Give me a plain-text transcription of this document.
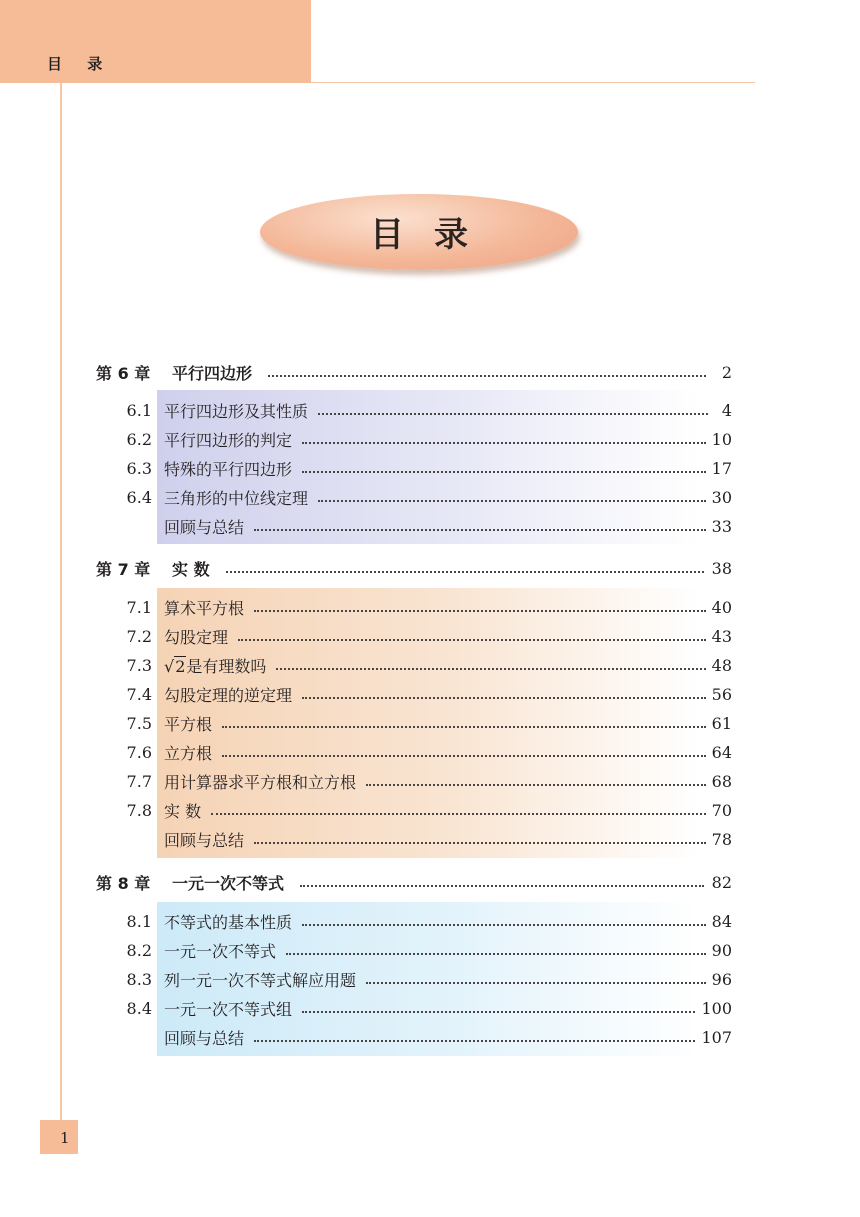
目 录
目录
第 6 章	平行四边形	2
6.1 平行四边形及其性质	4
6.2 平行四边形的判定	10
6.3 特殊的平行四边形	17
6.4 三角形的中位线定理	30
回顾与总结	33
第 7 章	实 数	38
7.1 算术平方根	40
7.2 勾股定理	43
7.3 √2是有理数吗	48
7.4 勾股定理的逆定理	56
7.5 平方根	61
7.6 立方根	64
7.7 用计算器求平方根和立方根	68
7.8 实 数	70
回顾与总结	78
第 8 章	一元一次不等式	82
8.1 不等式的基本性质	84
8.2 一元一次不等式	90
8.3 列一元一次不等式解应用题	96
8.4 一元一次不等式组	100
回顾与总结	107
1
